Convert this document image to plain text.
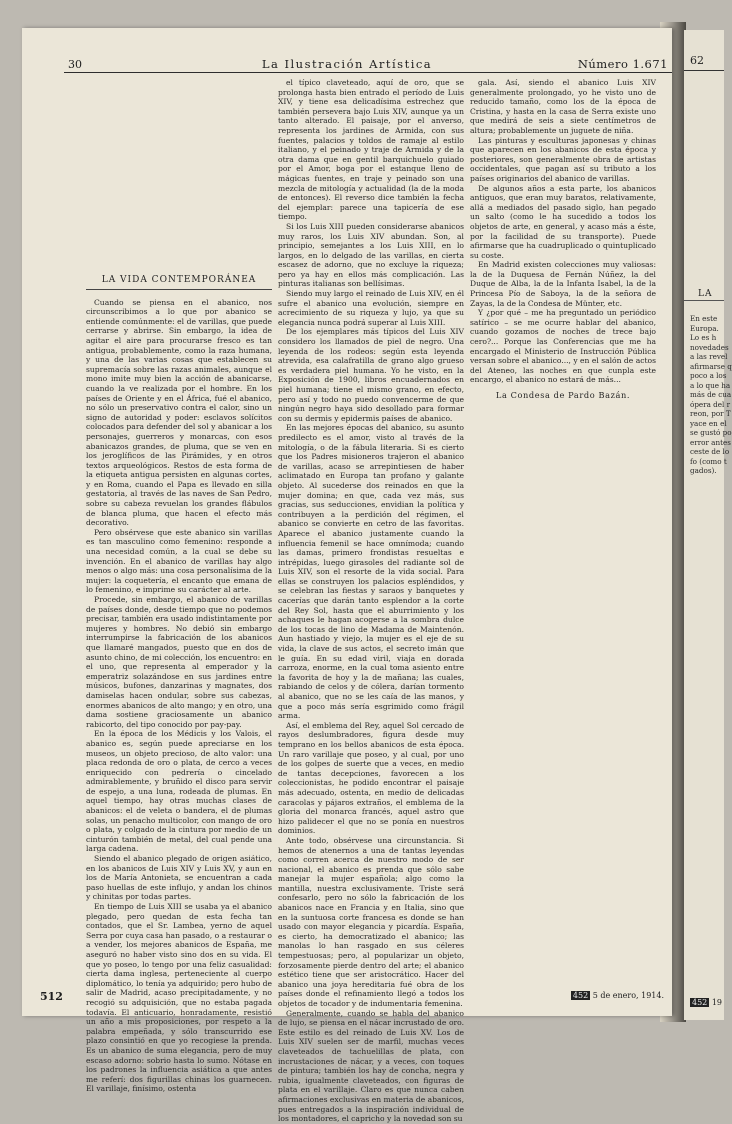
62
LA
En este
Europa.
Lo es h
novedades
a las revel
afirmarse q
poco a los
a lo que ha
más de cua
ópera del r
reon, por T
yace en el
se gustó po
error antes
ceste de lo
fo (como t
gados).
452 19
30	La Ilustración Artística	Número 1.671
LA VIDA CONTEMPORÁNEA

Cuando se piensa en el abanico, nos circunscribimos a lo que por abanico se entiende comúnmente: el de varillas, que puede cerrarse y abrirse. Sin embargo, la idea de agitar el aire para procurarse fresco es tan antigua, probablemente, como la raza humana, y una de las varias cosas que establecen su supremacía sobre las razas animales, aunque el mono imite muy bien la acción de abanicarse, cuando la ve realizada por el hombre. En los países de Oriente y en el África, fué el abanico, no sólo un preservativo contra el calor, sino un signo de autoridad y poder: esclavos solícitos colocados para defender del sol y abanicar a los personajes, guerreros y monarcas, con esos abanicazos grandes, de pluma, que se ven en los jeroglíficos de las Pirámides, y en otros textos arqueológicos. Restos de esta forma de la etiqueta antigua persisten en algunas cortes, y en Roma, cuando el Papa es llevado en silla gestatoria, al través de las naves de San Pedro, sobre su cabeza revuelan los grandes flábulos de blanca pluma, que hacen el efecto más decorativo.

Pero obsérvese que este abanico sin varillas es tan masculino como femenino: responde a una necesidad común, a la cual se debe su invención. En el abanico de varillas hay algo menos o algo más: una cosa personalísima de la mujer: la coquetería, el encanto que emana de lo femenino, e imprime su carácter al arte.

Procede, sin embargo, el abanico de varillas de países donde, desde tiempo que no podemos precisar, también era usado indistintamente por mujeres y hombres. No debió sin embargo interrumpirse la fabricación de los abanicos que llamaré mangados, puesto que en dos de asunto chino, de mi colección, los encuentro: en el uno, que representa al emperador y la emperatriz solazándose en sus jardines entre músicos, bufones, danzarinas y magnates, dos damiselas hacen ondular, sobre sus cabezas, enormes abanicos de alto mango; y en otro, una dama sostiene graciosamente un abanico rabicorto, del tipo conocido por pay-pay.

En la época de los Médicis y los Valois, el abanico es, según puede apreciarse en los museos, un objeto precioso, de alto valor: una placa redonda de oro o plata, de cerco a veces enriquecido con pedrería o cincelado admirablemente, y bruñido el disco para servir de espejo, a una luna, rodeada de plumas. En aquel tiempo, hay otras muchas clases de abanicos: el de veleta o bandera, el de plumas solas, un penacho multicolor, con mango de oro o plata, y colgado de la cintura por medio de un cinturón también de metal, del cual pende una larga cadena.

Siendo el abanico plegado de origen asiático, en los abanicos de Luis XIV y Luis XV, y aun en los de María Antonieta, se encuentran a cada paso huellas de este influjo, y andan los chinos y chinitas por todas partes.

En tiempo de Luis XIII se usaba ya el abanico plegado, pero quedan de esta fecha tan contados, que el Sr. Lambea, yerno de aquel Serra por cuya casa han pasado, o a restaurar o a vender, los mejores abanicos de España, me aseguró no haber visto sino dos en su vida. El que yo poseo, lo tengo por una feliz casualidad: cierta dama inglesa, perteneciente al cuerpo diplomático, lo tenía ya adquirido; pero hubo de salir de Madrid, acaso precipitadamente, y no recogió su adquisición, que no estaba pagada todavía. El anticuario, honradamente, resistió un año a mis proposiciones, por respeto a la palabra empeñada, y sólo transcurrido ese plazo consintió en que yo recogiese la prenda. Es un abanico de suma elegancia, pero de muy escaso adorno: sobrio hasta lo sumo. Nótase en los padrones la influencia asiática a que antes me referí: dos figurillas chinas los guarnecen. El varillaje, finísimo, ostenta

el típico claveteado, aquí de oro, que se prolonga hasta bien entrado el período de Luis XIV, y tiene esa delicadísima estrechez que también persevera bajo Luis XIV, aunque ya un tanto alterado. El paisaje, por el anverso, representa los jardines de Armida, con sus fuentes, palacios y toldos de ramaje al estilo italiano, y el peinado y traje de Armida y de la otra dama que en gentil barquichuelo guiado por el Amor, boga por el estanque lleno de mágicas fuentes, en traje y peinado son una mezcla de mitología y actualidad (la de la moda de entonces). El reverso dice también la fecha del ejemplar: parece una tapicería de ese tiempo.

Si los Luis XIII pueden considerarse abanicos muy raros, los Luis XIV abundan. Son, al principio, semejantes a los Luis XIII, en lo largos, en lo delgado de las varillas, en cierta escasez de adorno, que no excluye la riqueza; pero ya hay en ellos más complicación. Las pinturas italianas son bellísimas.

Siendo muy largo el reinado de Luis XIV, en él sufre el abanico una evolución, siempre en acrecimiento de su riqueza y lujo, ya que su elegancia nunca podrá superar al Luis XIII.

De los ejemplares más típicos del Luis XIV considero los llamados de piel de negro. Una leyenda de los rodeos: según esta leyenda atrevida, esa calafratilla de grano algo grueso es verdadera piel humana. Yo he visto, en la Exposición de 1900, libros encuadernados en piel humana; tiene el mismo grano, en efecto, pero así y todo no puedo convencerme de que ningún negro haya sido desollado para formar con su dermis y epidermis países de abanico.

En las mejores épocas del abanico, su asunto predilecto es el amor, visto al través de la mitología, o de la fábula literaria. Si es cierto que los Padres misioneros trajeron el abanico de varillas, acaso se arrepintiesen de haber aclimatado en Europa tan profano y galante objeto. Al sucederse dos reinados en que la mujer domina; en que, cada vez más, sus gracias, sus seducciones, envidian la política y contribuyen a la perdición del régimen, el abanico se convierte en cetro de las favoritas. Aparece el abanico justamente cuando la influencia femenil se hace omnímoda; cuando las damas, primero frondistas resueltas e intrépidas, luego girasoles del radiante sol de Luis XIV, son el resorte de la vida social. Para ellas se construyen los palacios espléndidos, y se celebran las fiestas y saraos y banquetes y cacerías que darán tanto esplendor a la corte del Rey Sol, hasta que el aburrimiento y los achaques le hagan acogerse a la sombra dulce de los tocas de lino de Madama de Maintenón. Aun hastiado y viejo, la mujer es el eje de su vida, la clave de sus actos, el secreto imán que le guía. En su edad viril, viaja en dorada carroza, enorme, en la cual toma asiento entre la favorita de hoy y la de mañana; las cuales, rabiando de celos y de cólera, darían tormento al abanico, que no se les caía de las manos, y que a poco más sería esgrimido como frágil arma.

Así, el emblema del Rey, aquel Sol cercado de rayos deslumbradores, figura desde muy temprano en los bellos abanicos de esta época. Un raro varillaje que poseo, y al cual, por uno de los golpes de suerte que a veces, en medio de tantas decepciones, favorecen a los coleccionistas, he podido encontrar el paisaje más adecuado, ostenta, en medio de delicadas caracolas y pájaros extraños, el emblema de la gloria del monarca francés, aquel astro que hizo palidecer el que no se ponía en nuestros dominios.

Ante todo, obsérvese una circunstancia. Si hemos de atenernos a una de tantas leyendas como corren acerca de nuestro modo de ser nacional, el abanico es prenda que sólo sabe manejar la mujer española; algo como la mantilla, nuestra exclusivamente. Triste será confesarlo, pero no sólo la fabricación de los abanicos nace en Francia y en Italia, sino que en la suntuosa corte francesa es donde se han usado con mayor elegancia y picardía. España, es cierto, ha democratizado el abanico; las manolas lo han rasgado en sus céleres tempestuosas; pero, al popularizar un objeto, forzosamente pierde dentro del arte; el abanico estético tiene que ser aristocrático. Hacer del abanico una joya hereditaria fué obra de los países donde el refinamiento llegó a todos los objetos de tocador y de indumentaria femenina.

Generalmente, cuando se habla del abanico de lujo, se piensa en el nácar incrustado de oro. Este estilo es del reinado de Luis XV. Los de Luis XIV suelen ser de marfil, muchas veces claveteados de tachuelillas de plata, con incrustaciones de nácar, y a veces, con toques de pintura; también los hay de concha, negra y rubia, igualmente claveteados, con figuras de plata en el varillaje. Claro es que nunca caben afirmaciones exclusivas en materia de abanicos, pues entregados a la inspiración individual de los montadores, el capricho y la novedad son su

gala. Así, siendo el abanico Luis XIV generalmente prolongado, yo he visto uno de reducido tamaño, como los de la época de Cristina, y hasta en la casa de Serra existe uno que medirá de seis a siete centímetros de altura; probablemente un juguete de niña.

Las pinturas y esculturas japonesas y chinas que aparecen en los abanicos de esta época y posteriores, son generalmente obra de artistas occidentales, que pagan así su tributo a los países originarios del abanico de varillas.

De algunos años a esta parte, los abanicos antiguos, que eran muy baratos, relativamente, allá a mediados del pasado siglo, han pegado un salto (como le ha sucedido a todos los objetos de arte, en general, y acaso más a éste, por la facilidad de su transporte). Puede afirmarse que ha cuadruplicado o quintuplicado su coste.

En Madrid existen colecciones muy valiosas: la de la Duquesa de Fernán Núñez, la del Duque de Alba, la de la Infanta Isabel, la de la Princesa Pío de Saboya, la de la señora de Zayas, la de la Condesa de Münter, etc.

Y ¿por qué – me ha preguntado un periódico satírico – se me ocurre hablar del abanico, cuando gozamos de noches de trece bajo cero?... Porque las Conferencias que me ha encargado el Ministerio de Instrucción Pública versan sobre el abanico..., y en el salón de actos del Ateneo, las noches en que cunpla este encargo, el abanico no estará de más...

La Condesa de Pardo Bazán.
512	452 5 de enero, 1914.
